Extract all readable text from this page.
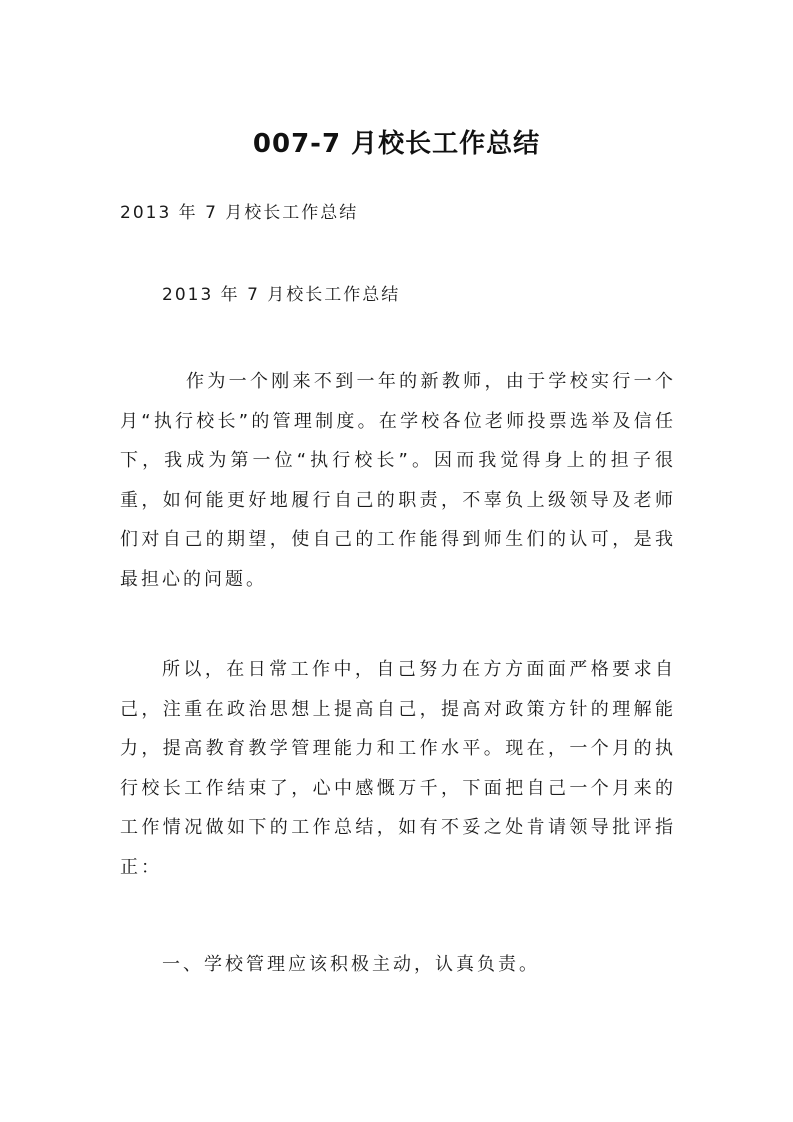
007-7 月校长工作总结
2013 年 7 月校长工作总结
2013 年 7 月校长工作总结

作为一个刚来不到一年的新教师，由于学校实行一个月“执行校长”的管理制度。在学校各位老师投票选举及信任下，我成为第一位“执行校长”。因而我觉得身上的担子很重，如何能更好地履行自己的职责，不辜负上级领导及老师们对自己的期望，使自己的工作能得到师生们的认可，是我最担心的问题。

所以，在日常工作中，自己努力在方方面面严格要求自己，注重在政治思想上提高自己，提高对政策方针的理解能力，提高教育教学管理能力和工作水平。现在，一个月的执行校长工作结束了，心中感慨万千，下面把自己一个月来的工作情况做如下的工作总结，如有不妥之处肯请领导批评指正：

一、学校管理应该积极主动，认真负责。
